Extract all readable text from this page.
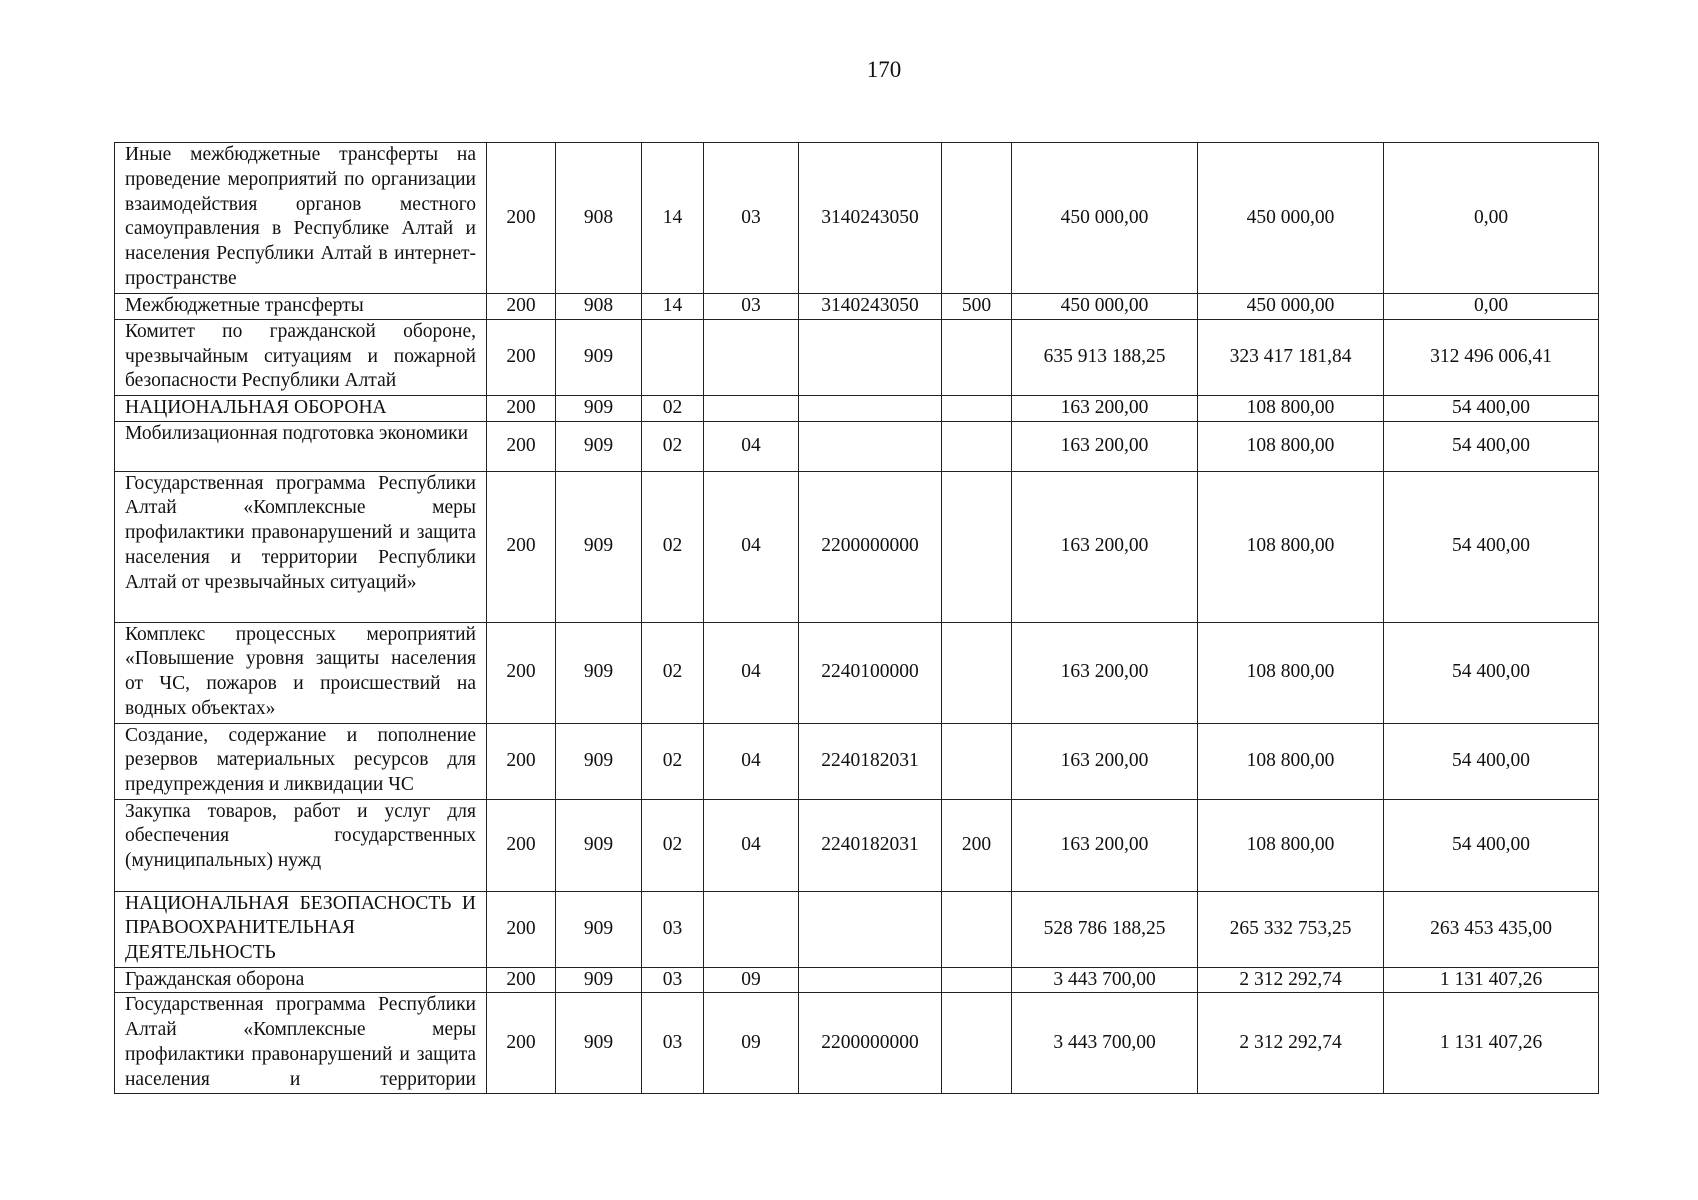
170
Иные межбюджетные трансферты на проведение мероприятий по организации взаимодействия органов местного самоуправления в Республике Алтай и населения Республики Алтай в интернет-пространстве	200	908	14	03	3140243050		450 000,00	450 000,00	0,00
Межбюджетные трансферты	200	908	14	03	3140243050	500	450 000,00	450 000,00	0,00
Комитет по гражданской обороне, чрезвычайным ситуациям и пожарной безопасности Республики Алтай	200	909					635 913 188,25	323 417 181,84	312 496 006,41
НАЦИОНАЛЬНАЯ ОБОРОНА	200	909	02				163 200,00	108 800,00	54 400,00
Мобилизационная подготовка экономики	200	909	02	04			163 200,00	108 800,00	54 400,00
Государственная программа Республики Алтай «Комплексные меры профилактики правонарушений и защита населения и территории Республики Алтай от чрезвычайных ситуаций»	200	909	02	04	2200000000		163 200,00	108 800,00	54 400,00
Комплекс процессных мероприятий «Повышение уровня защиты населения от ЧС, пожаров и происшествий на водных объектах»	200	909	02	04	2240100000		163 200,00	108 800,00	54 400,00
Создание, содержание и пополнение резервов материальных ресурсов для предупреждения и ликвидации ЧС	200	909	02	04	2240182031		163 200,00	108 800,00	54 400,00
Закупка товаров, работ и услуг для обеспечения государственных (муниципальных) нужд	200	909	02	04	2240182031	200	163 200,00	108 800,00	54 400,00
НАЦИОНАЛЬНАЯ БЕЗОПАСНОСТЬ И ПРАВООХРАНИТЕЛЬНАЯ ДЕЯТЕЛЬНОСТЬ	200	909	03				528 786 188,25	265 332 753,25	263 453 435,00
Гражданская оборона	200	909	03	09			3 443 700,00	2 312 292,74	1 131 407,26
Государственная программа Республики Алтай «Комплексные меры профилактики правонарушений и защита населения и территории	200	909	03	09	2200000000		3 443 700,00	2 312 292,74	1 131 407,26
